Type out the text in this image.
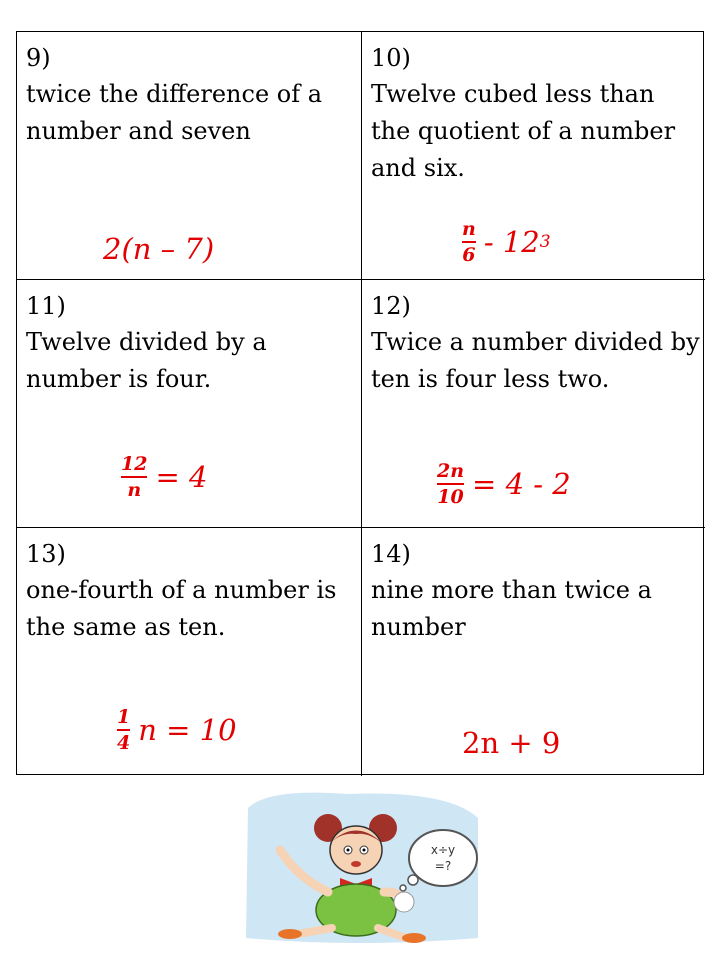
9)
twice the difference of a number and seven
2(n – 7)
10)
Twelve cubed less than the quotient of a number and six.
$\frac{n}{6} - 12$ 3
11)
Twelve divided by a number is four.
$\frac{12}{n} = 4$
12)
Twice a number divided by ten is four less two.
$\frac{2n}{10} = 4 - 2$
13)
one-fourth of a number is the same as ten.
$\frac{1}{4}$ n = 10
14)
nine more than twice a number
2n + 9
x÷y
=?
